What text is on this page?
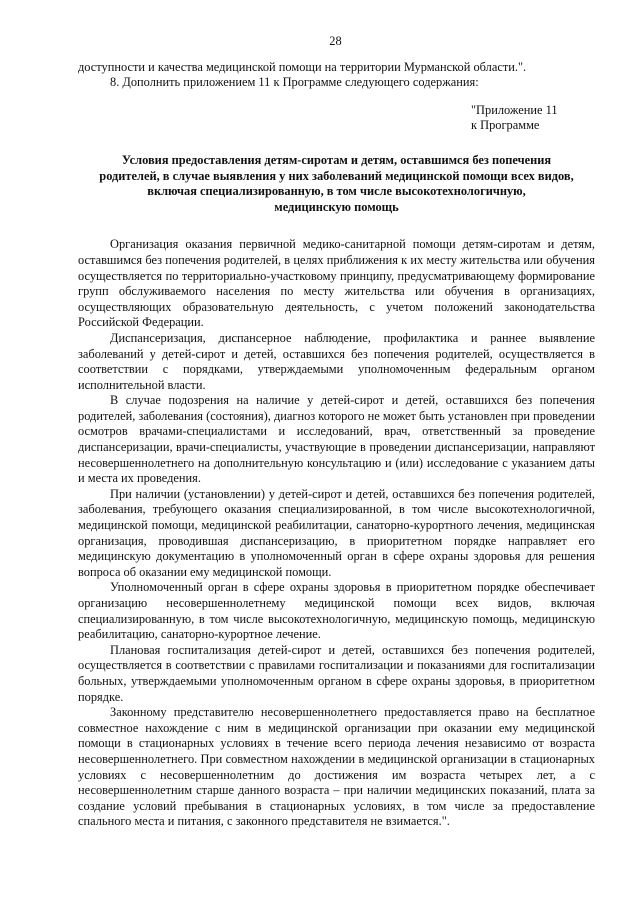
28
доступности и качества медицинской помощи на территории Мурманской области.".
8. Дополнить приложением 11 к Программе следующего содержания:
"Приложение 11
к Программе
Условия предоставления детям-сиротам и детям, оставшимся без попечения
родителей, в случае выявления у них заболеваний медицинской помощи всех видов,
включая специализированную, в том числе высокотехнологичную,
медицинскую помощь

Организация оказания первичной медико-санитарной помощи детям-сиротам и детям, оставшимся без попечения родителей, в целях приближения к их месту жительства или обучения осуществляется по территориально-участковому принципу, предусматривающему формирование групп обслуживаемого населения по месту жительства или обучения в организациях, осуществляющих образовательную деятельность, с учетом положений законодательства Российской Федерации.

Диспансеризация, диспансерное наблюдение, профилактика и раннее выявление заболеваний у детей-сирот и детей, оставшихся без попечения родителей, осуществляется в соответствии с порядками, утверждаемыми уполномоченным федеральным органом исполнительной власти.

В случае подозрения на наличие у детей-сирот и детей, оставшихся без попечения родителей, заболевания (состояния), диагноз которого не может быть установлен при проведении осмотров врачами-специалистами и исследований, врач, ответственный за проведение диспансеризации, врачи-специалисты, участвующие в проведении диспансеризации, направляют несовершеннолетнего на дополнительную консультацию и (или) исследование с указанием даты и места их проведения.

При наличии (установлении) у детей-сирот и детей, оставшихся без попечения родителей, заболевания, требующего оказания специализированной, в том числе высокотехнологичной, медицинской помощи, медицинской реабилитации, санаторно-курортного лечения, медицинская организация, проводившая диспансеризацию, в приоритетном порядке направляет его медицинскую документацию в уполномоченный орган в сфере охраны здоровья для решения вопроса об оказании ему медицинской помощи.

Уполномоченный орган в сфере охраны здоровья в приоритетном порядке обеспечивает организацию несовершеннолетнему медицинской помощи всех видов, включая специализированную, в том числе высокотехнологичную, медицинскую помощь, медицинскую реабилитацию, санаторно-курортное лечение.

Плановая госпитализация детей-сирот и детей, оставшихся без попечения родителей, осуществляется в соответствии с правилами госпитализации и показаниями для госпитализации больных, утверждаемыми уполномоченным органом в сфере охраны здоровья, в приоритетном порядке.

Законному представителю несовершеннолетнего предоставляется право на бесплатное совместное нахождение с ним в медицинской организации при оказании ему медицинской помощи в стационарных условиях в течение всего периода лечения независимо от возраста несовершеннолетнего. При совместном нахождении в медицинской организации в стационарных условиях с несовершеннолетним до достижения им возраста четырех лет, а с несовершеннолетним старше данного возраста – при наличии медицинских показаний, плата за создание условий пребывания в стационарных условиях, в том числе за предоставление спального места и питания, с законного представителя не взимается.".
